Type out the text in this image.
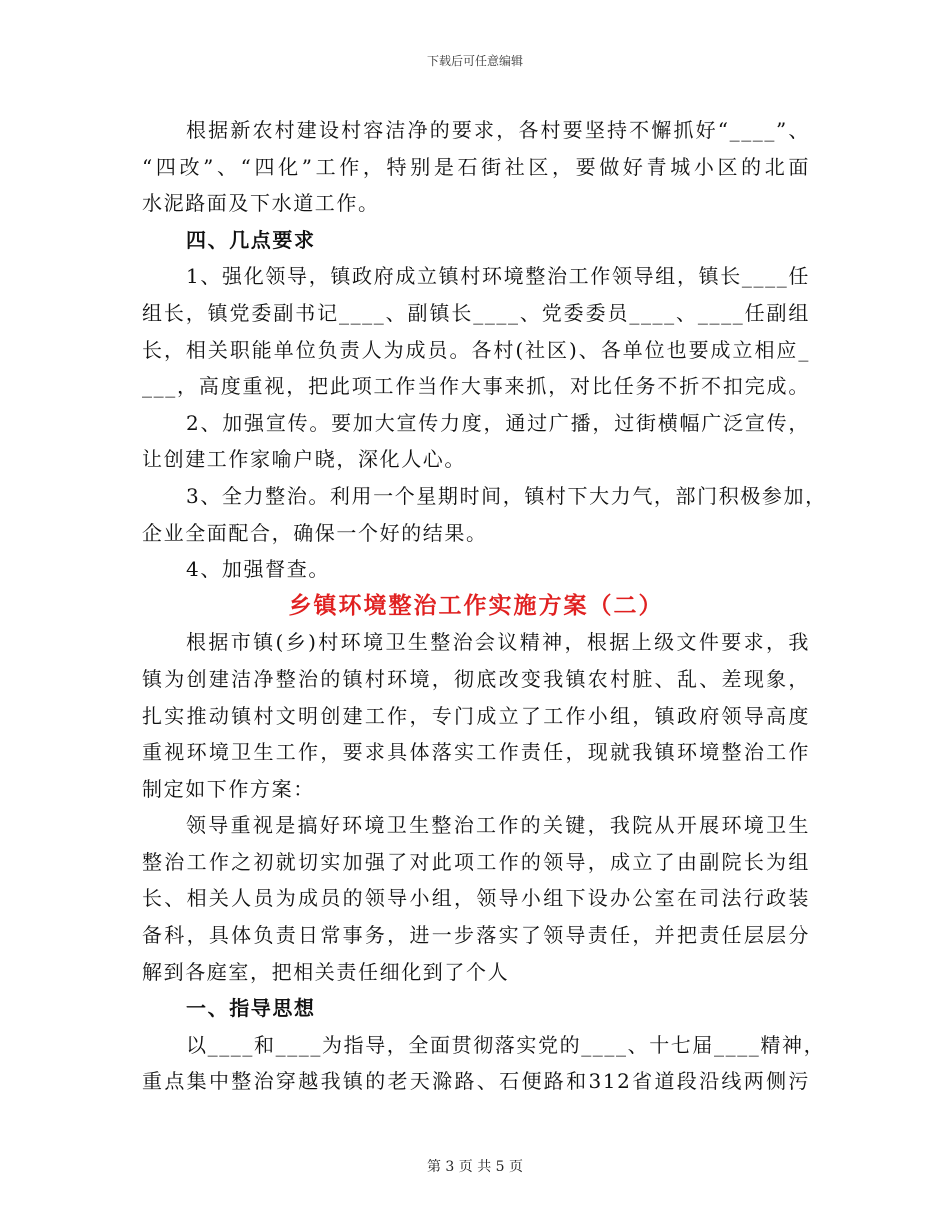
下载后可任意编辑
根据新农村建设村容洁净的要求，各村要坚持不懈抓好“____”、
“四改”、“四化”工作，特别是石街社区，要做好青城小区的北面
水泥路面及下水道工作。
四、几点要求
1、强化领导，镇政府成立镇村环境整治工作领导组，镇长____任
组长，镇党委副书记____、副镇长____、党委委员____、____任副组
长，相关职能单位负责人为成员。各村(社区)、各单位也要成立相应_
___，高度重视，把此项工作当作大事来抓，对比任务不折不扣完成。
2、加强宣传。要加大宣传力度，通过广播，过街横幅广泛宣传，
让创建工作家喻户晓，深化人心。
3、全力整治。利用一个星期时间，镇村下大力气，部门积极参加，
企业全面配合，确保一个好的结果。
4、加强督查。
乡镇环境整治工作实施方案（二）
根据市镇(乡)村环境卫生整治会议精神，根据上级文件要求，我
镇为创建洁净整治的镇村环境，彻底改变我镇农村脏、乱、差现象，
扎实推动镇村文明创建工作，专门成立了工作小组，镇政府领导高度
重视环境卫生工作，要求具体落实工作责任，现就我镇环境整治工作
制定如下作方案：
领导重视是搞好环境卫生整治工作的关键，我院从开展环境卫生
整治工作之初就切实加强了对此项工作的领导，成立了由副院长为组
长、相关人员为成员的领导小组，领导小组下设办公室在司法行政装
备科，具体负责日常事务，进一步落实了领导责任，并把责任层层分
解到各庭室，把相关责任细化到了个人
一、指导思想
以____和____为指导，全面贯彻落实党的____、十七届____精神，
重点集中整治穿越我镇的老天滁路、石便路和312省道段沿线两侧污
第 3 页 共 5 页
